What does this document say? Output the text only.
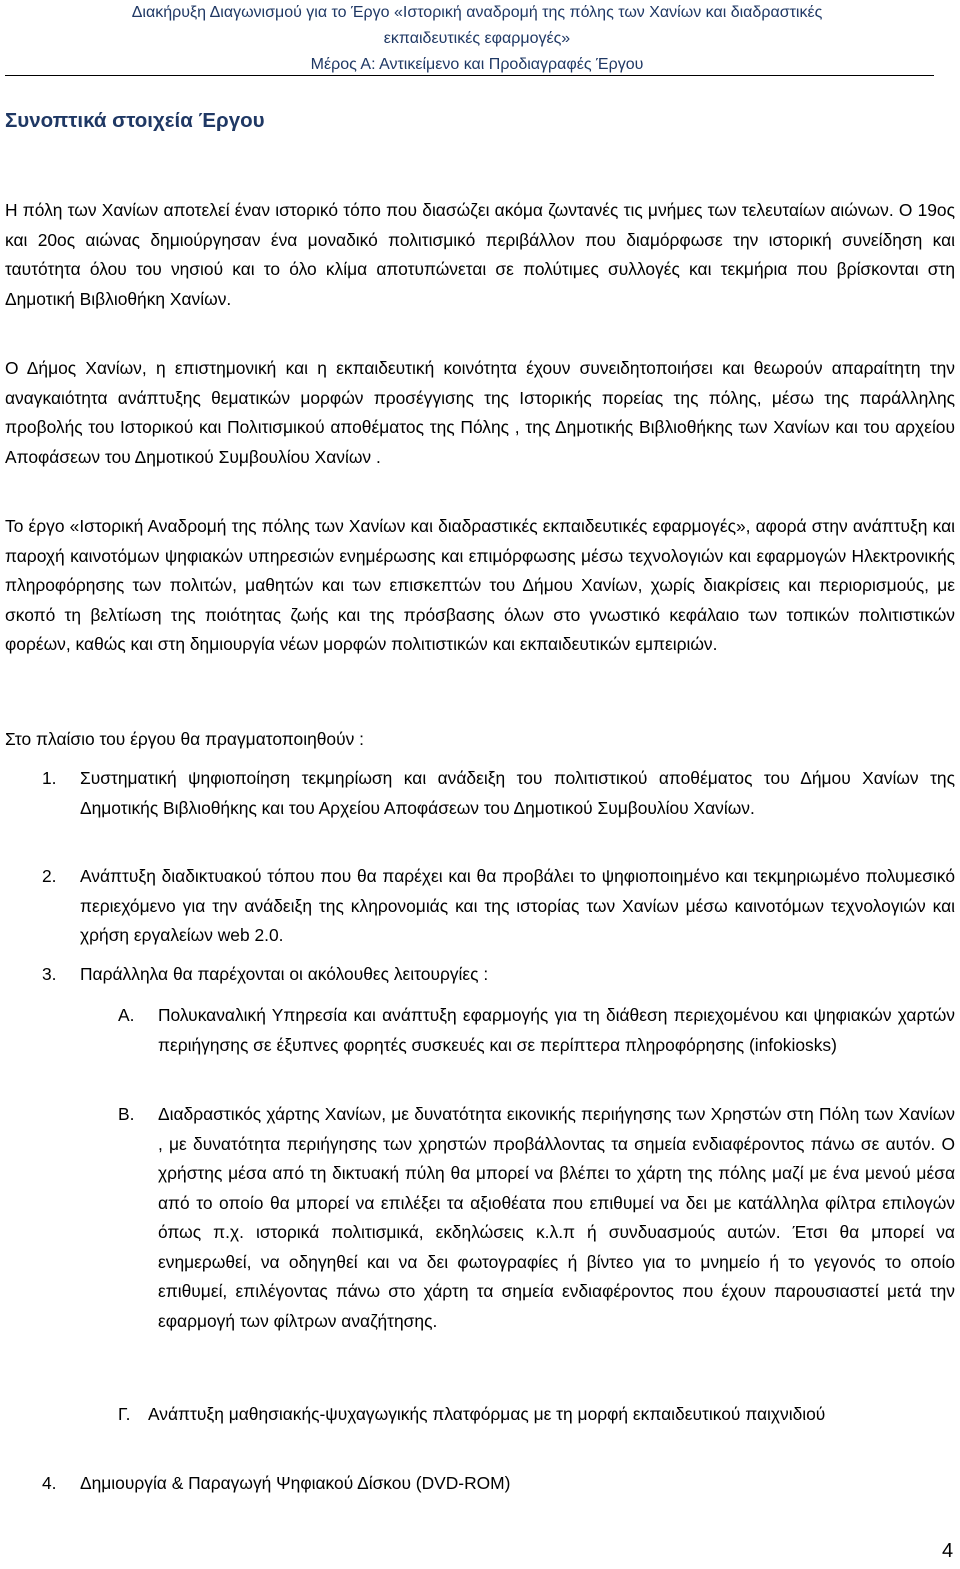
Διακήρυξη Διαγωνισμού για το Έργο «Ιστορική αναδρομή της πόλης των Χανίων και διαδραστικές
εκπαιδευτικές εφαρμογές»
Μέρος Α: Αντικείμενο και Προδιαγραφές Έργου
Συνοπτικά στοιχεία Έργου

Η πόλη των Χανίων αποτελεί έναν ιστορικό τόπο που διασώζει ακόμα ζωντανές τις μνήμες των τελευταίων αιώνων. Ο 19ος και 20ος αιώνας δημιούργησαν ένα μοναδικό πολιτισμικό περιβάλλον που διαμόρφωσε την ιστορική συνείδηση και ταυτότητα όλου του νησιού και το όλο κλίμα αποτυπώνεται σε πολύτιμες συλλογές και τεκμήρια που βρίσκονται στη Δημοτική Βιβλιοθήκη Χανίων.

Ο Δήμος Χανίων, η επιστημονική και η εκπαιδευτική κοινότητα έχουν συνειδητοποιήσει και θεωρούν απαραίτητη την αναγκαιότητα ανάπτυξης θεματικών μορφών προσέγγισης της Ιστορικής πορείας της πόλης, μέσω της παράλληλης προβολής του Ιστορικού και Πολιτισμικού αποθέματος της Πόλης , της Δημοτικής Βιβλιοθήκης των Χανίων και του αρχείου Αποφάσεων του Δημοτικού Συμβουλίου Χανίων .

Το έργο «Ιστορική Αναδρομή της πόλης των Χανίων και διαδραστικές εκπαιδευτικές εφαρμογές», αφορά στην ανάπτυξη και παροχή καινοτόμων ψηφιακών υπηρεσιών ενημέρωσης και επιμόρφωσης μέσω τεχνολογιών και εφαρμογών Ηλεκτρονικής πληροφόρησης των πολιτών, μαθητών και των επισκεπτών του Δήμου Χανίων, χωρίς διακρίσεις και περιορισμούς, με σκοπό τη βελτίωση της ποιότητας ζωής και της πρόσβασης όλων στο γνωστικό κεφάλαιο των τοπικών πολιτιστικών φορέων, καθώς και στη δημιουργία νέων μορφών πολιτιστικών και εκπαιδευτικών εμπειριών.

Στο πλαίσιο του έργου θα πραγματοποιηθούν :

1. Συστηματική ψηφιοποίηση τεκμηρίωση και ανάδειξη του πολιτιστικού αποθέματος του Δήμου Χανίων της Δημοτικής Βιβλιοθήκης και του Αρχείου Αποφάσεων του Δημοτικού Συμβουλίου Χανίων.
2. Ανάπτυξη διαδικτυακού τόπου που θα παρέχει και θα προβάλει το ψηφιοποιημένο και τεκμηριωμένο πολυμεσικό περιεχόμενο για την ανάδειξη της κληρονομιάς και της ιστορίας των Χανίων μέσω καινοτόμων τεχνολογιών και χρήση εργαλείων web 2.0.
3. Παράλληλα θα παρέχονται οι ακόλουθες λειτουργίες :
Α. Πολυκαναλική Υπηρεσία και ανάπτυξη εφαρμογής για τη διάθεση περιεχομένου και ψηφιακών χαρτών περιήγησης σε έξυπνες φορητές συσκευές και σε περίπτερα πληροφόρησης (infokiosks)
Β. Διαδραστικός χάρτης Χανίων, με δυνατότητα εικονικής περιήγησης των Χρηστών στη Πόλη των Χανίων , με δυνατότητα περιήγησης των χρηστών προβάλλοντας τα σημεία ενδιαφέροντος πάνω σε αυτόν. Ο χρήστης μέσα από τη δικτυακή πύλη θα μπορεί να βλέπει το χάρτη της πόλης μαζί με ένα μενού μέσα από το οποίο θα μπορεί να επιλέξει τα αξιοθέατα που επιθυμεί να δει με κατάλληλα φίλτρα επιλογών όπως π.χ. ιστορικά πολιτισμικά, εκδηλώσεις κ.λ.π ή συνδυασμούς αυτών. Έτσι θα μπορεί να ενημερωθεί, να οδηγηθεί και να δει φωτογραφίες ή βίντεο για το μνημείο ή το γεγονός το οποίο επιθυμεί, επιλέγοντας πάνω στο χάρτη τα σημεία ενδιαφέροντος που έχουν παρουσιαστεί μετά την εφαρμογή των φίλτρων αναζήτησης.
Γ. Ανάπτυξη μαθησιακής-ψυχαγωγικής πλατφόρμας με τη μορφή εκπαιδευτικού παιχνιδιού
4. Δημιουργία & Παραγωγή Ψηφιακού Δίσκου (DVD-ROM)
4
